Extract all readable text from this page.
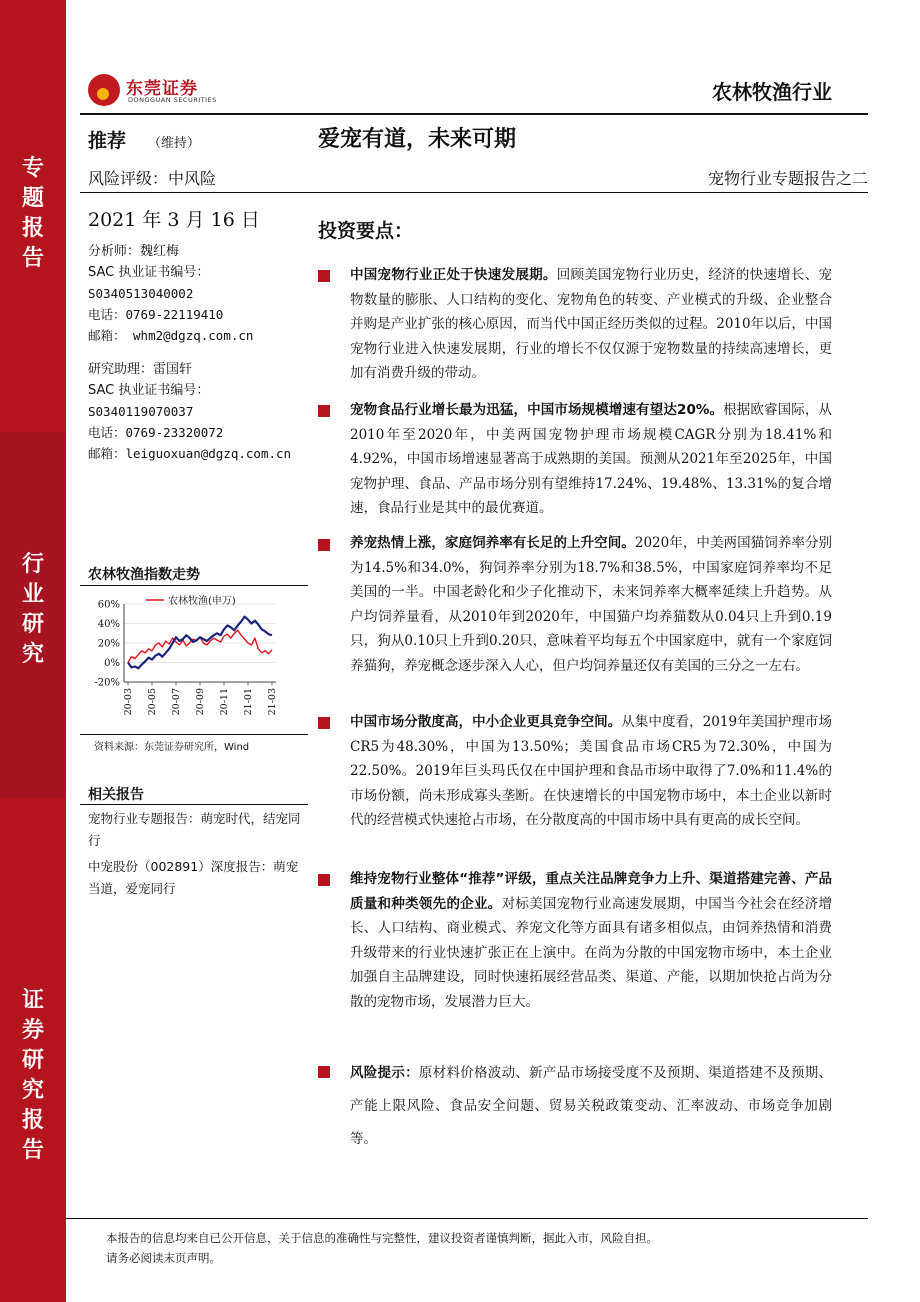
专题报告
行业研究
证券研究报告
东莞证券
DONGGUAN SECURITIES	农林牧渔行业
推荐 （维持）	爱宠有道，未来可期
风险评级：中风险	宠物行业专题报告之二
2021 年 3 月 16 日
分析师：魏红梅
SAC 执业证书编号：
S0340513040002
电话：0769-22119410
邮箱： whm2@dgzq.com.cn
研究助理：雷国轩
SAC 执业证书编号：
S0340119070037
电话：0769-23320072
邮箱：leiguoxuan@dgzq.com.cn
农林牧渔指数走势
60%
40%
20%
0%
-20%
20-03 20-05 20-07 20-09 20-11 21-01 21-03
农林牧渔(申万)
资料来源：东莞证券研究所，Wind
相关报告
宠物行业专题报告：萌宠时代，结宠同行
中宠股份（002891）深度报告：萌宠当道，爱宠同行
投资要点：
中国宠物行业正处于快速发展期。回顾美国宠物行业历史，经济的快速增长、宠物数量的膨胀、人口结构的变化、宠物角色的转变、产业模式的升级、企业整合并购是产业扩张的核心原因，而当代中国正经历类似的过程。2010年以后，中国宠物行业进入快速发展期，行业的增长不仅仅源于宠物数量的持续高速增长，更加有消费升级的带动。
宠物食品行业增长最为迅猛，中国市场规模增速有望达20%。根据欧睿国际，从2010年至2020年，中美两国宠物护理市场规模CAGR分别为18.41%和4.92%，中国市场增速显著高于成熟期的美国。预测从2021年至2025年，中国宠物护理、食品、产品市场分别有望维持17.24%、19.48%、13.31%的复合增速，食品行业是其中的最优赛道。
养宠热情上涨，家庭饲养率有长足的上升空间。2020年，中美两国猫饲养率分别为14.5%和34.0%，狗饲养率分别为18.7%和38.5%，中国家庭饲养率均不足美国的一半。中国老龄化和少子化推动下，未来饲养率大概率延续上升趋势。从户均饲养量看，从2010年到2020年，中国猫户均养猫数从0.04只上升到0.19只，狗从0.10只上升到0.20只，意味着平均每五个中国家庭中，就有一个家庭饲养猫狗，养宠概念逐步深入人心，但户均饲养量还仅有美国的三分之一左右。
中国市场分散度高，中小企业更具竞争空间。从集中度看，2019年美国护理市场CR5为48.30%，中国为13.50%；美国食品市场CR5为72.30%，中国为22.50%。2019年巨头玛氏仅在中国护理和食品市场中取得了7.0%和11.4%的市场份额，尚未形成寡头垄断。在快速增长的中国宠物市场中，本土企业以新时代的经营模式快速抢占市场，在分散度高的中国市场中具有更高的成长空间。
维持宠物行业整体“推荐”评级，重点关注品牌竞争力上升、渠道搭建完善、产品质量和种类领先的企业。对标美国宠物行业高速发展期，中国当今社会在经济增长、人口结构、商业模式、养宠文化等方面具有诸多相似点，由饲养热情和消费升级带来的行业快速扩张正在上演中。在尚为分散的中国宠物市场中，本土企业加强自主品牌建设，同时快速拓展经营品类、渠道、产能，以期加快抢占尚为分散的宠物市场，发展潜力巨大。
风险提示：原材料价格波动、新产品市场接受度不及预期、渠道搭建不及预期、产能上限风险、食品安全问题、贸易关税政策变动、汇率波动、市场竞争加剧等。
本报告的信息均来自已公开信息，关于信息的准确性与完整性，建议投资者谨慎判断，据此入市，风险自担。
请务必阅读末页声明。
